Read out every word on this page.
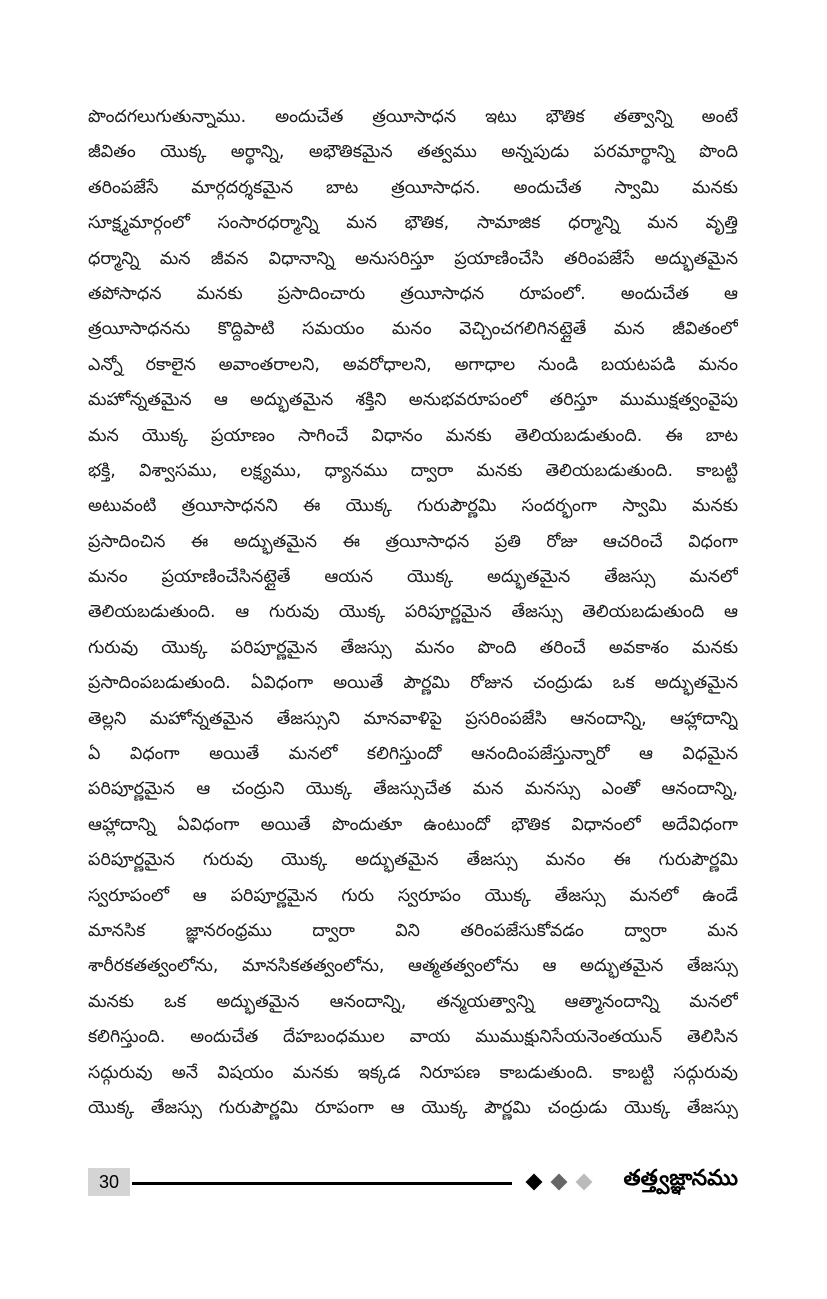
పొందగలుగుతున్నాము. అందుచేత త్రయీసాధన ఇటు భౌతిక తత్వాన్ని అంటే
జీవితం యొక్క అర్థాన్ని, అభౌతికమైన తత్వము అన్నపుడు పరమార్థాన్ని పొంది
తరింపజేసే మార్గదర్శకమైన బాట త్రయీసాధన. అందుచేత స్వామి మనకు
సూక్ష్మమార్గంలో సంసారధర్మాన్ని మన భౌతిక, సామాజిక ధర్మాన్ని మన వృత్తి
ధర్మాన్ని మన జీవన విధానాన్ని అనుసరిస్తూ ప్రయాణించేసి తరింపజేసే అద్భుతమైన
తపోసాధన మనకు ప్రసాదించారు త్రయీసాధన రూపంలో. అందుచేత ఆ
త్రయీసాధనను కొద్దిపాటి సమయం మనం వెచ్చించగలిగినట్లైతే మన జీవితంలో
ఎన్నో రకాలైన అవాంతరాలని, అవరోధాలని, అగాధాల నుండి బయటపడి మనం
మహోన్నతమైన ఆ అద్భుతమైన శక్తిని అనుభవరూపంలో తరిస్తూ ముముక్షత్వంవైపు
మన యొక్క ప్రయాణం సాగించే విధానం మనకు తెలియబడుతుంది. ఈ బాట
భక్తి, విశ్వాసము, లక్ష్యము, ధ్యానము ద్వారా మనకు తెలియబడుతుంది. కాబట్టి
అటువంటి త్రయీసాధనని ఈ యొక్క గురుపౌర్ణమి సందర్భంగా స్వామి మనకు
ప్రసాదించిన ఈ అద్భుతమైన ఈ త్రయీసాధన ప్రతి రోజు ఆచరించే విధంగా
మనం ప్రయాణించేసినట్లైతే ఆయన యొక్క అద్భుతమైన తేజస్సు మనలో
తెలియబడుతుంది. ఆ గురువు యొక్క పరిపూర్ణమైన తేజస్సు తెలియబడుతుంది ఆ
గురువు యొక్క పరిపూర్ణమైన తేజస్సు మనం పొంది తరించే అవకాశం మనకు
ప్రసాదింపబడుతుంది. ఏవిధంగా అయితే పౌర్ణమి రోజున చంద్రుడు ఒక అద్భుతమైన
తెల్లని మహోన్నతమైన తేజస్సుని మానవాళిపై ప్రసరింపజేసి ఆనందాన్ని, ఆహ్లాదాన్ని
ఏ విధంగా అయితే మనలో కలిగిస్తుందో ఆనందింపజేస్తున్నారో ఆ విధమైన
పరిపూర్ణమైన ఆ చంద్రుని యొక్క తేజస్సుచేత మన మనస్సు ఎంతో ఆనందాన్ని,
ఆహ్లాదాన్ని ఏవిధంగా అయితే పొందుతూ ఉంటుందో భౌతిక విధానంలో అదేవిధంగా
పరిపూర్ణమైన గురువు యొక్క అద్భుతమైన తేజస్సు మనం ఈ గురుపౌర్ణమి
స్వరూపంలో ఆ పరిపూర్ణమైన గురు స్వరూపం యొక్క తేజస్సు మనలో ఉండే
మానసిక జ్ఞానరంధ్రము ద్వారా విని తరింపజేసుకోవడం ద్వారా మన
శారీరకతత్వంలోను, మానసికతత్వంలోను, ఆత్మతత్వంలోను ఆ అద్భుతమైన తేజస్సు
మనకు ఒక అద్భుతమైన ఆనందాన్ని, తన్మయత్వాన్ని ఆత్మానందాన్ని మనలో
కలిగిస్తుంది. అందుచేత దేహబంధముల వాయ ముముక్షునిసేయనెంతయున్ తెలిసిన
సద్గురువు అనే విషయం మనకు ఇక్కడ నిరూపణ కాబడుతుంది. కాబట్టి సద్గురువు
యొక్క తేజస్సు గురుపౌర్ణమి రూపంగా ఆ యొక్క పౌర్ణమి చంద్రుడు యొక్క తేజస్సు
30	తత్త్వజ్ఞానము
